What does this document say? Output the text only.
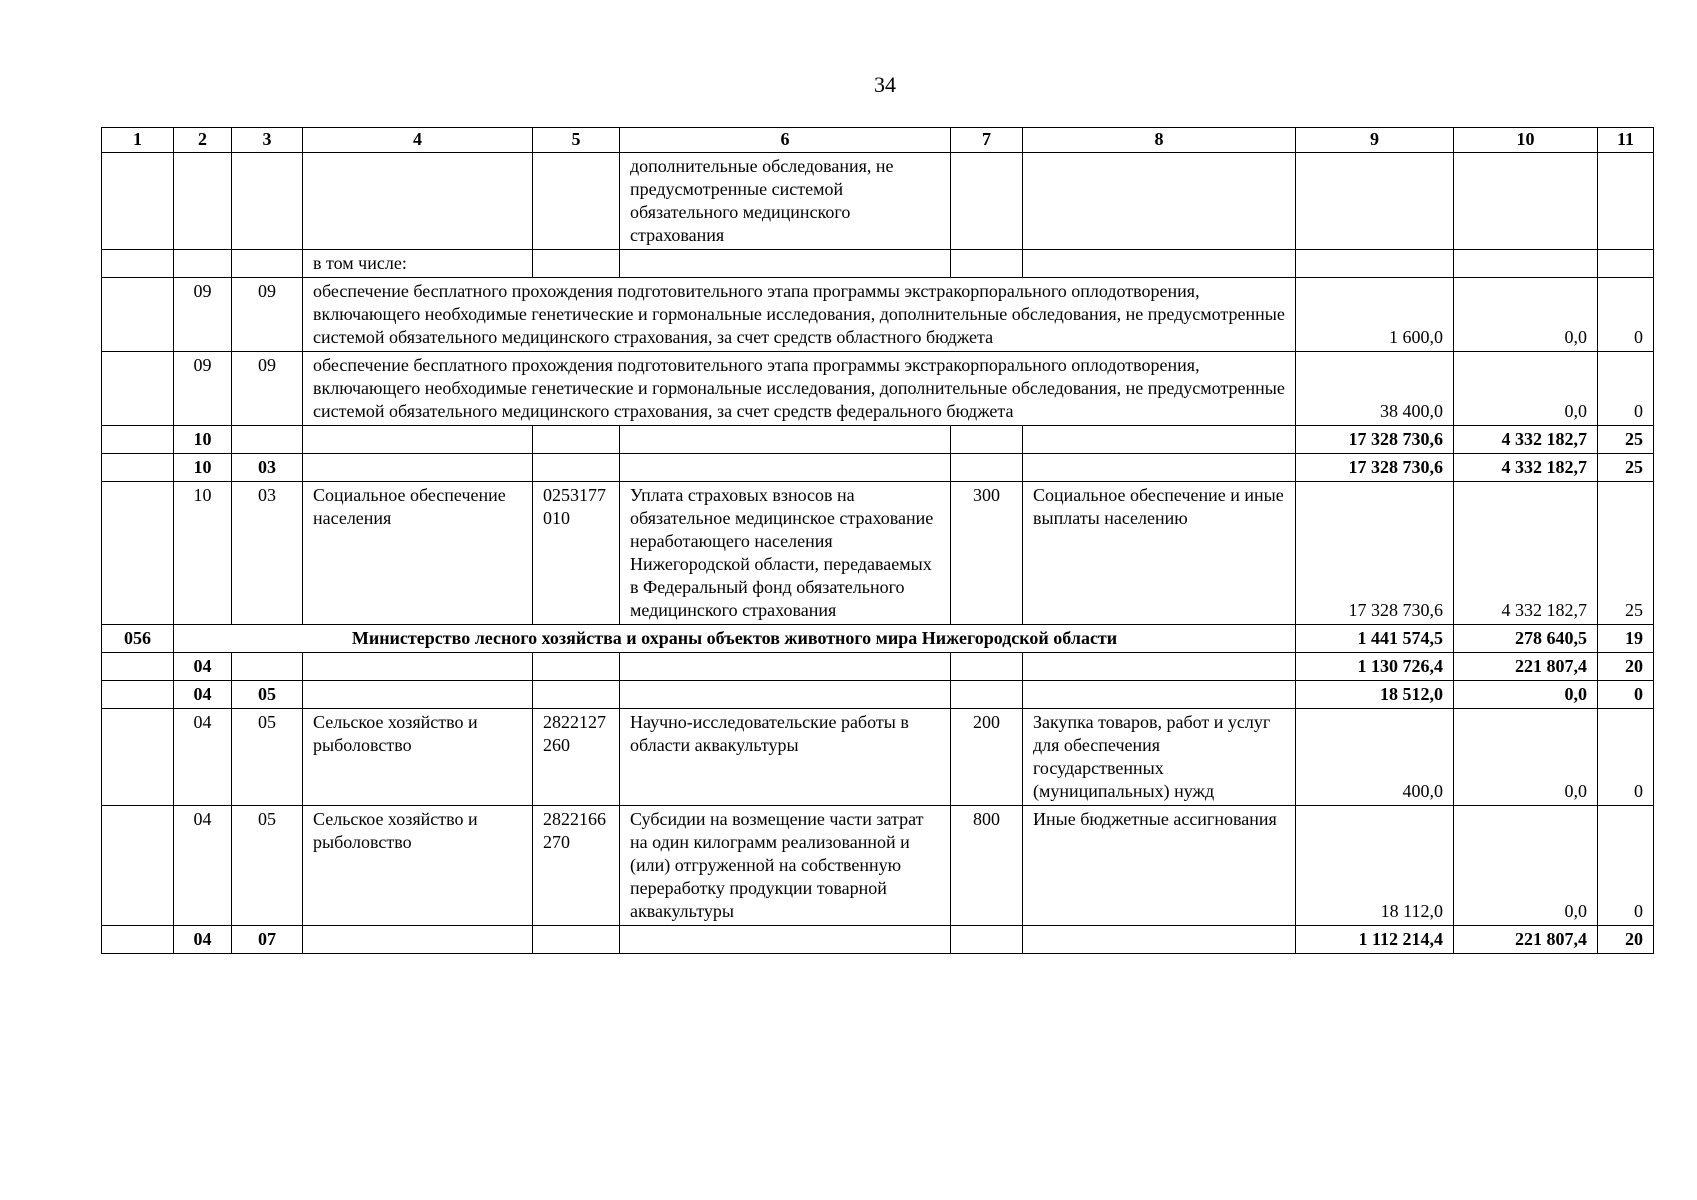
34
1	2	3	4	5	6	7	8	9	10	11
					дополнительные обследования, не предусмотренные системой обязательного медицинского страхования					
			в том числе:							
	09	09	обеспечение бесплатного прохождения подготовительного этапа программы экстракорпорального оплодотворения, включающего необходимые генетические и гормональные исследования, дополнительные обследования, не предусмотренные системой обязательного медицинского страхования, за счет средств областного бюджета					1 600,0	0,0	0
	09	09	обеспечение бесплатного прохождения подготовительного этапа программы экстракорпорального оплодотворения, включающего необходимые генетические и гормональные исследования, дополнительные обследования, не предусмотренные системой обязательного медицинского страхования, за счет средств федерального бюджета					38 400,0	0,0	0
	10							17 328 730,6	4 332 182,7	25
	10	03						17 328 730,6	4 332 182,7	25
	10	03	Социальное обеспечение населения	0253177010	Уплата страховых взносов на обязательное медицинское страхование неработающего населения Нижегородской области, передаваемых в Федеральный фонд обязательного медицинского страхования	300	Социальное обеспечение и иные выплаты населению	17 328 730,6	4 332 182,7	25
056	Министерство лесного хозяйства и охраны объектов животного мира Нижегородской области							1 441 574,5	278 640,5	19
	04							1 130 726,4	221 807,4	20
	04	05						18 512,0	0,0	0
	04	05	Сельское хозяйство и рыболовство	2822127260	Научно-исследовательские работы в области аквакультуры	200	Закупка товаров, работ и услуг для обеспечения государственных (муниципальных) нужд	400,0	0,0	0
	04	05	Сельское хозяйство и рыболовство	2822166270	Субсидии на возмещение части затрат на один килограмм реализованной и (или) отгруженной на собственную переработку продукции товарной аквакультуры	800	Иные бюджетные ассигнования	18 112,0	0,0	0
	04	07						1 112 214,4	221 807,4	20
